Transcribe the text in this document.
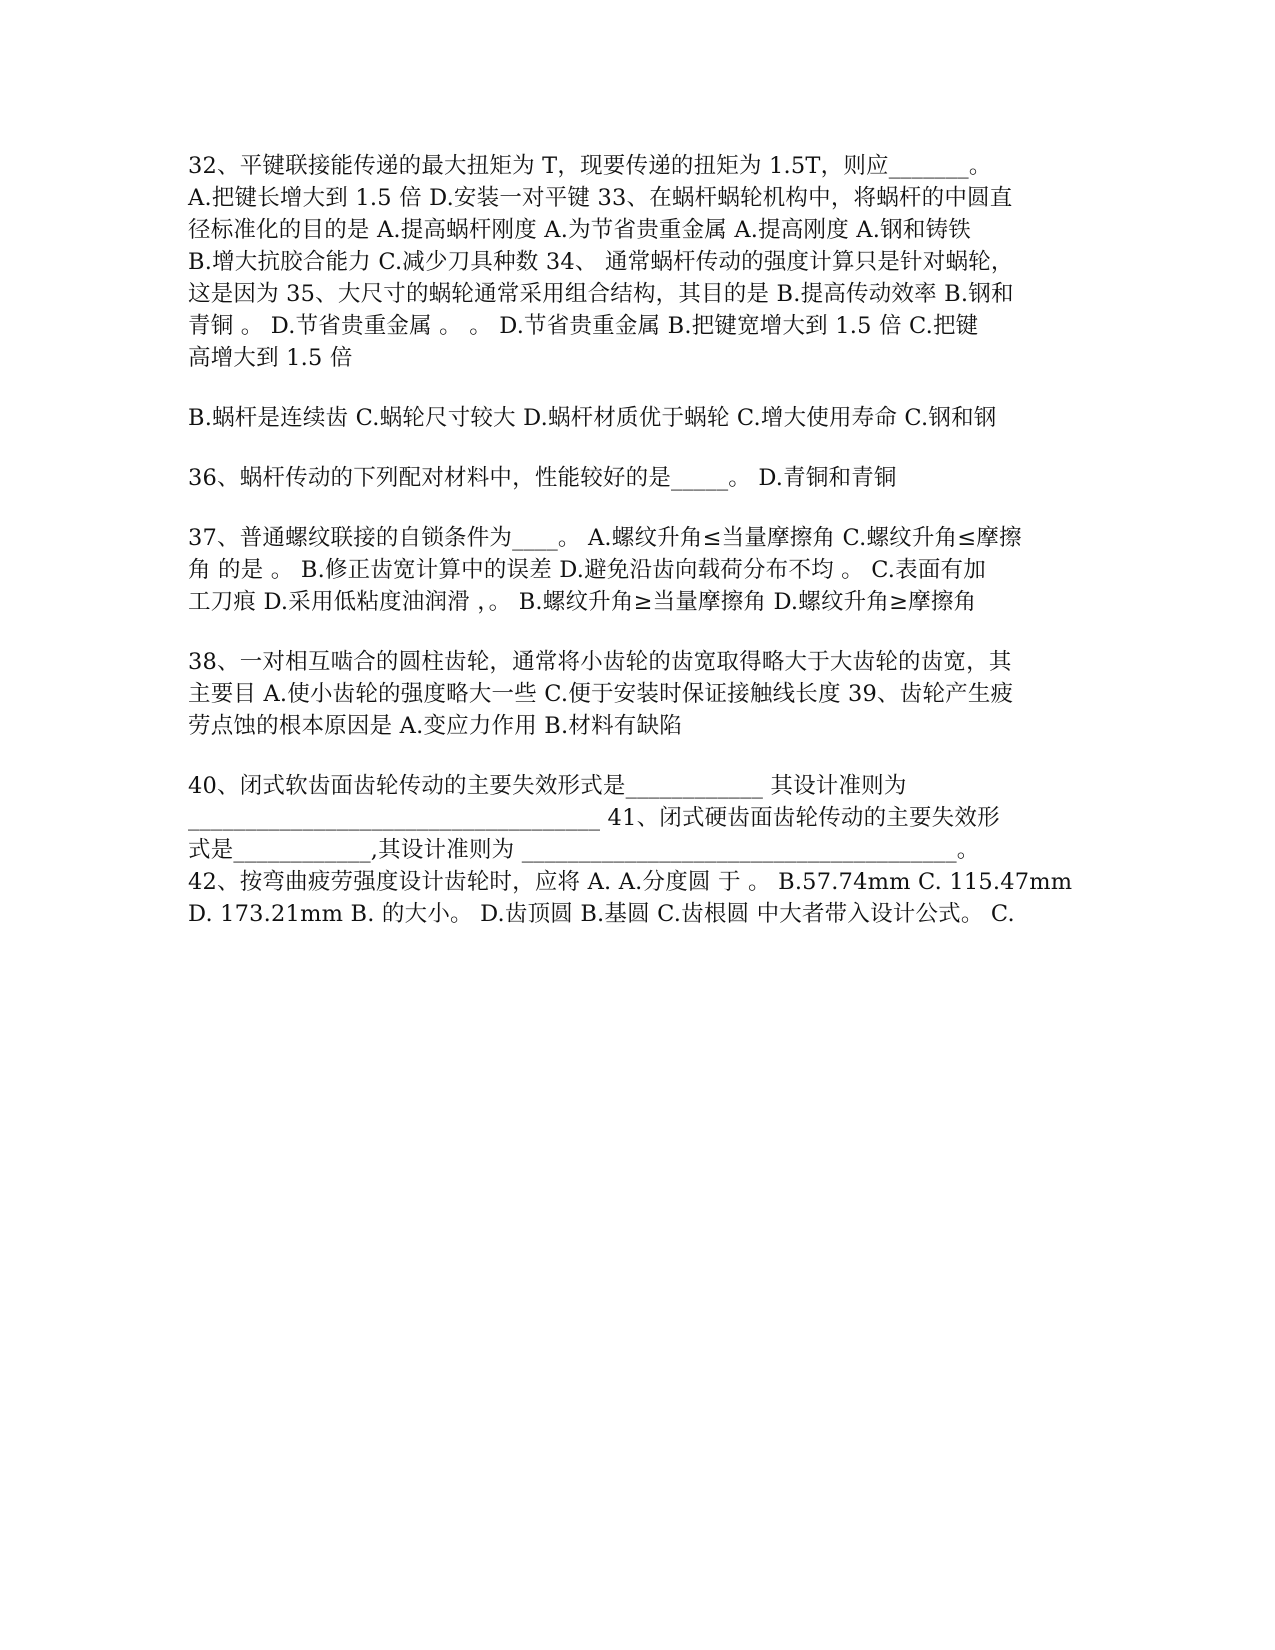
32、平键联接能传递的最大扭矩为 T，现要传递的扭矩为 1.5T，则应_______。
A.把键长增大到 1.5 倍 D.安装一对平键 33、在蜗杆蜗轮机构中，将蜗杆的中圆直
径标准化的目的是 A.提高蜗杆刚度 A.为节省贵重金属 A.提高刚度 A.钢和铸铁
B.增大抗胶合能力 C.减少刀具种数 34、 通常蜗杆传动的强度计算只是针对蜗轮，
这是因为 35、大尺寸的蜗轮通常采用组合结构，其目的是 B.提高传动效率 B.钢和
青铜 。 D.节省贵重金属 。 。 D.节省贵重金属 B.把键宽增大到 1.5 倍 C.把键
高增大到 1.5 倍
B.蜗杆是连续齿 C.蜗轮尺寸较大 D.蜗杆材质优于蜗轮 C.增大使用寿命 C.钢和钢
36、蜗杆传动的下列配对材料中，性能较好的是_____。 D.青铜和青铜
37、普通螺纹联接的自锁条件为____。 A.螺纹升角≤当量摩擦角 C.螺纹升角≤摩擦
角 的是 。 B.修正齿宽计算中的误差 D.避免沿齿向载荷分布不均 。 C.表面有加
工刀痕 D.采用低粘度油润滑 ，。 B.螺纹升角≥当量摩擦角 D.螺纹升角≥摩擦角
38、一对相互啮合的圆柱齿轮，通常将小齿轮的齿宽取得略大于大齿轮的齿宽，其
主要目 A.使小齿轮的强度略大一些 C.便于安装时保证接触线长度 39、齿轮产生疲
劳点蚀的根本原因是 A.变应力作用 B.材料有缺陷
40、闭式软齿面齿轮传动的主要失效形式是____________ 其设计准则为
____________________________________ 41、闭式硬齿面齿轮传动的主要失效形
式是____________,其设计准则为 ______________________________________。
42、按弯曲疲劳强度设计齿轮时，应将 A. A.分度圆 于 。 B.57.74mm C. 115.47mm
D. 173.21mm B. 的大小。 D.齿顶圆 B.基圆 C.齿根圆 中大者带入设计公式。 C.
